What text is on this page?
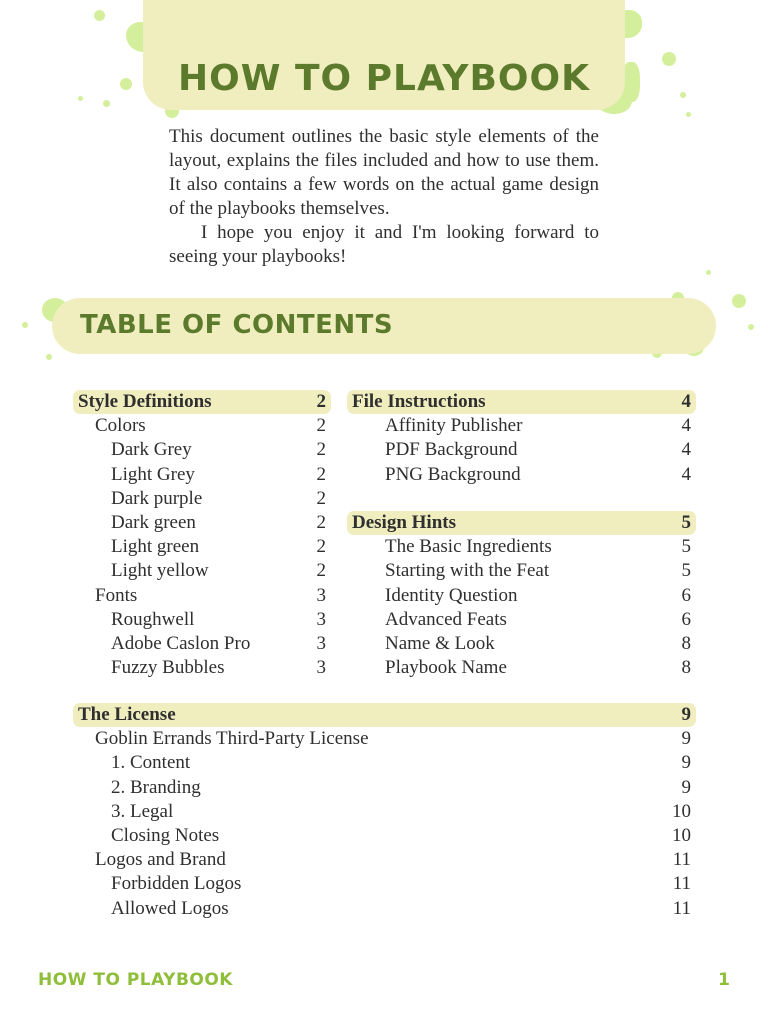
HOW TO PLAYBOOK

This document outlines the basic style elements of the layout, explains the files included and how to use them. It also contains a few words on the actual game design of the playbooks themselves.

I hope you enjoy it and I'm looking forward to seeing your playbooks!

TABLE OF CONTENTS
Style Definitions	2
Colors	2
Dark Grey	2
Light Grey	2
Dark purple	2
Dark green	2
Light green	2
Light yellow	2
Fonts	3
Roughwell	3
Adobe Caslon Pro	3
Fuzzy Bubbles	3
File Instructions	4
Affinity Publisher	4
PDF Background	4
PNG Background	4
Design Hints	5
The Basic Ingredients	5
Starting with the Feat	5
Identity Question	6
Advanced Feats	6
Name & Look	8
Playbook Name	8
The License	9
Goblin Errands Third-Party License	9
1. Content	9
2. Branding	9
3. Legal	10
Closing Notes	10
Logos and Brand	11
Forbidden Logos	11
Allowed Logos	11
HOW TO PLAYBOOK	1
